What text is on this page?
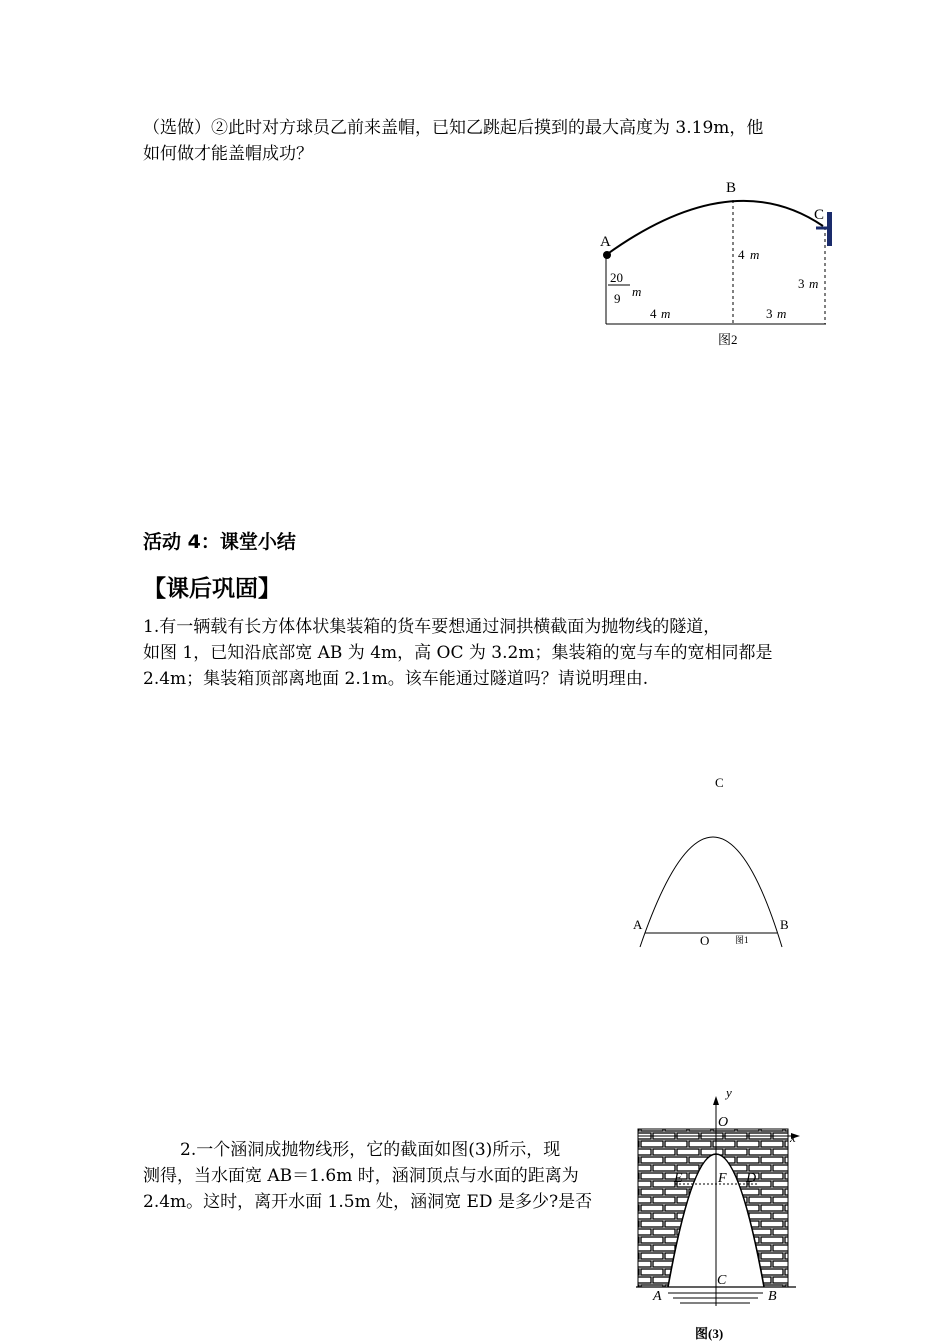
（选做）②此时对方球员乙前来盖帽，已知乙跳起后摸到的最大高度为 3.19m，他
如何做才能盖帽成功？
A
B
C
4 m
3 m
20
9 m
4 m	3 m
图2
活动 4：课堂小结
【课后巩固】
1.有一辆载有长方体体状集装箱的货车要想通过洞拱横截面为抛物线的隧道，
如图 1，已知沿底部宽 AB 为 4m，高 OC 为 3.2m；集装箱的宽与车的宽相同都是
2.4m；集装箱顶部离地面 2.1m。该车能通过隧道吗？请说明理由.
C
A	B
O	图1
2.一个涵洞成抛物线形，它的截面如图(3)所示，现
测得，当水面宽 AB＝1.6m 时，涵洞顶点与水面的距离为
2.4m。这时，离开水面 1.5m 处，涵洞宽 ED 是多少?是否
y
x
O
E	F D
C
A	B
图(3)
